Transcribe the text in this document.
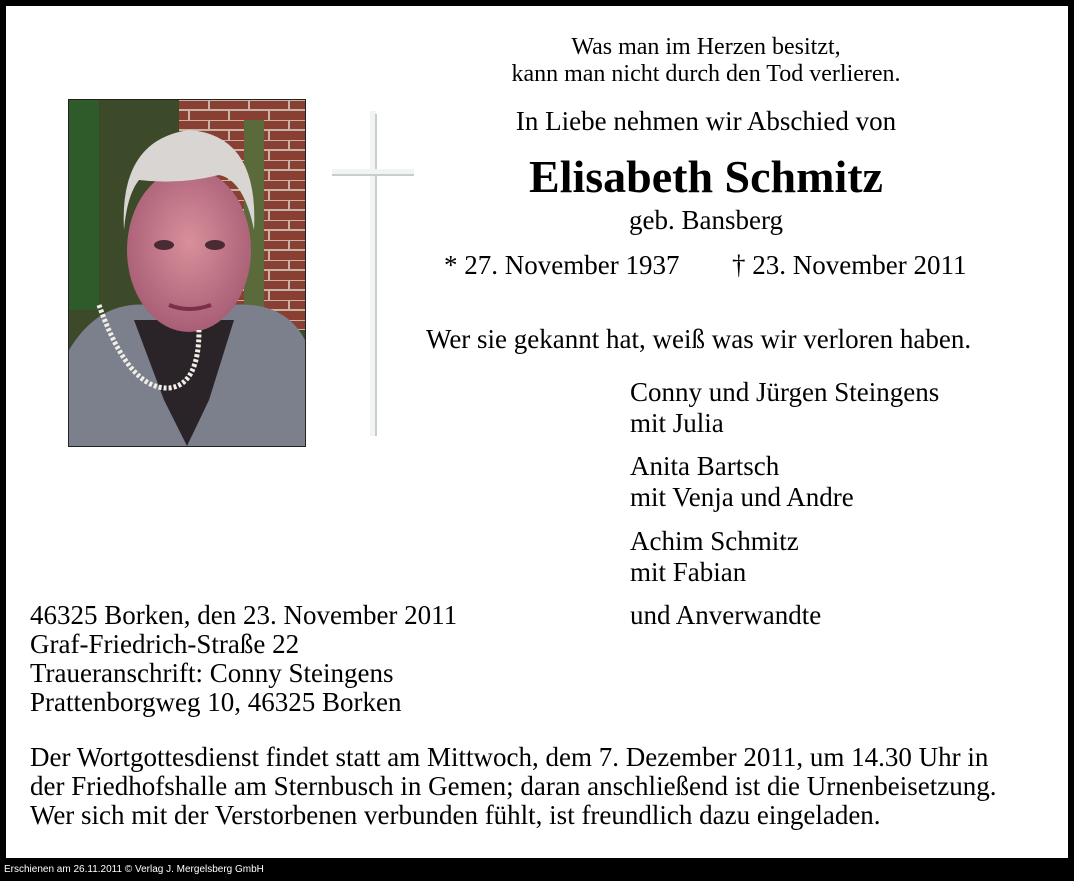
Was man im Herzen besitzt,
kann man nicht durch den Tod verlieren.
In Liebe nehmen wir Abschied von
Elisabeth Schmitz
geb. Bansberg
* 27. November 1937 † 23. November 2011
Wer sie gekannt hat, weiß was wir verloren haben.
Conny und Jürgen Steingens
mit Julia
Anita Bartsch
mit Venja und Andre
Achim Schmitz
mit Fabian
und Anverwandte
46325 Borken, den 23. November 2011
Graf-Friedrich-Straße 22
Traueranschrift: Conny Steingens
Prattenborgweg 10, 46325 Borken
Der Wortgottesdienst findet statt am Mittwoch, dem 7. Dezember 2011, um 14.30 Uhr in
der Friedhofshalle am Sternbusch in Gemen; daran anschließend ist die Urnenbeisetzung.
Wer sich mit der Verstorbenen verbunden fühlt, ist freundlich dazu eingeladen.
Erschienen am 26.11.2011 © Verlag J. Mergelsberg GmbH
